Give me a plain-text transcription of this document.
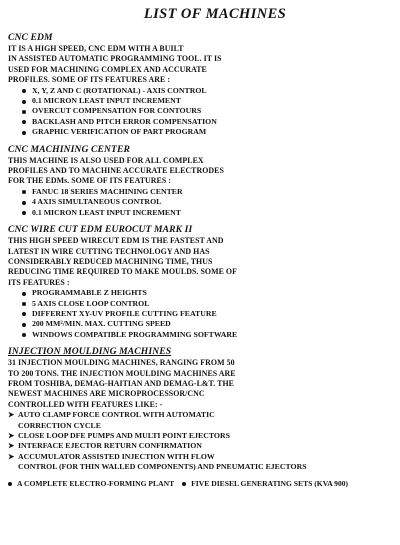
LIST OF MACHINES
CNC EDM
IT IS A HIGH SPEED, CNC EDM WITH A BUILT
IN ASSISTED AUTOMATIC PROGRAMMING TOOL. IT IS
USED FOR MACHINING COMPLEX AND ACCURATE
PROFILES. SOME OF ITS FEATURES ARE :
X, Y, Z AND C (ROTATIONAL) - AXIS CONTROL
0.1 MICRON LEAST INPUT INCREMENT
OVERCUT COMPENSATION FOR CONTOURS
BACKLASH AND PITCH ERROR COMPENSATION
GRAPHIC VERIFICATION OF PART PROGRAM
CNC MACHINING CENTER
THIS MACHINE IS ALSO USED FOR ALL COMPLEX
PROFILES AND TO MACHINE ACCURATE ELECTRODES
FOR THE EDMs. SOME OF ITS FEATURES :
FANUC 18 SERIES MACHINING CENTER
4 AXIS SIMULTANEOUS CONTROL
0.1 MICRON LEAST INPUT INCREMENT
CNC WIRE CUT EDM EUROCUT MARK II
THIS HIGH SPEED WIRECUT EDM IS THE FASTEST AND
LATEST IN WIRE CUTTING TECHNOLOGY AND HAS
CONSIDERABLY REDUCED MACHINING TIME, THUS
REDUCING TIME REQUIRED TO MAKE MOULDS. SOME OF
ITS FEATURES :
PROGRAMMABLE Z HEIGHTS
5 AXIS CLOSE LOOP CONTROL
DIFFERENT XY-UV PROFILE CUTTING FEATURE
200 MM²/MIN. MAX. CUTTING SPEED
WINDOWS COMPATIBLE PROGRAMMING SOFTWARE
INJECTION MOULDING MACHINES
31 INJECTION MOULDING MACHINES, RANGING FROM 50
TO 200 TONS. THE INJECTION MOULDING MACHINES ARE
FROM TOSHIBA, DEMAG-HAITIAN AND DEMAG-L&T. THE
NEWEST MACHINES ARE MICROPROCESSOR/CNC
CONTROLLED WITH FEATURES LIKE: -
➤ AUTO CLAMP FORCE CONTROL WITH AUTOMATIC
CORRECTION CYCLE
➤ CLOSE LOOP DFE PUMPS AND MULTI POINT EJECTORS
➤ INTERFACE EJECTOR RETURN CONFIRMATION
➤ ACCUMULATOR ASSISTED INJECTION WITH FLOW
CONTROL (FOR THIN WALLED COMPONENTS) AND PNEUMATIC EJECTORS
A COMPLETE ELECTRO-FORMING PLANT	FIVE DIESEL GENERATING SETS (KVA 900)
